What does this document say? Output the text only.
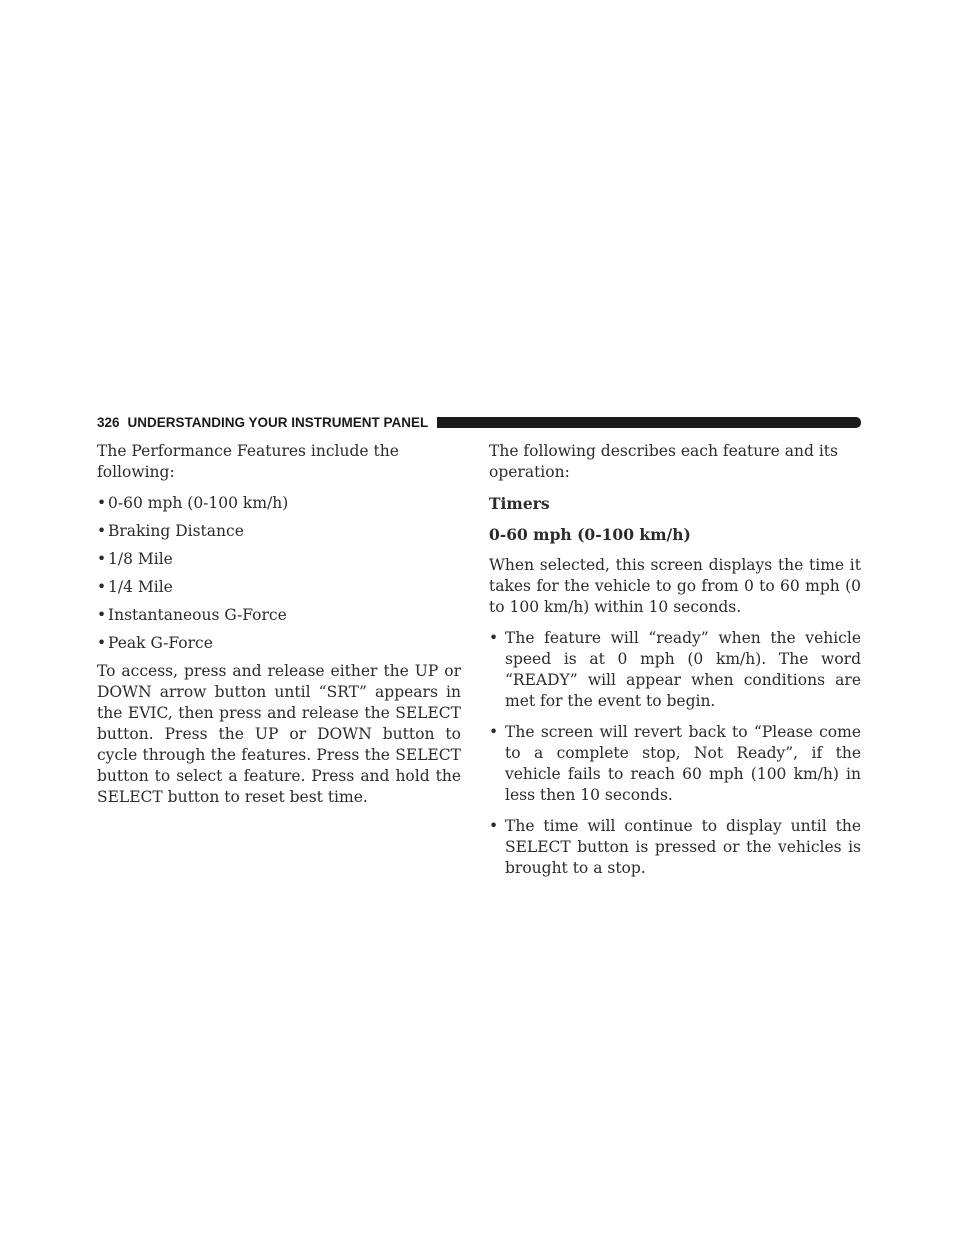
326 UNDERSTANDING YOUR INSTRUMENT PANEL

The Performance Features include the following:

• 0-60 mph (0-100 km/h)
• Braking Distance
• 1/8 Mile
• 1/4 Mile
• Instantaneous G-Force
• Peak G-Force

To access, press and release either the UP or DOWN arrow button until “SRT” appears in the EVIC, then press and release the SELECT button. Press the UP or DOWN button to cycle through the features. Press the SELECT button to select a feature. Press and hold the SELECT button to reset best time.

The following describes each feature and its operation:

Timers

0-60 mph (0-100 km/h)

When selected, this screen displays the time it takes for the vehicle to go from 0 to 60 mph (0 to 100 km/h) within 10 seconds.

• The feature will “ready” when the vehicle speed is at 0 mph (0 km/h). The word “READY” will appear when conditions are met for the event to begin.
• The screen will revert back to “Please come to a complete stop, Not Ready”, if the vehicle fails to reach 60 mph (100 km/h) in less then 10 seconds.
• The time will continue to display until the SELECT button is pressed or the vehicles is brought to a stop.
